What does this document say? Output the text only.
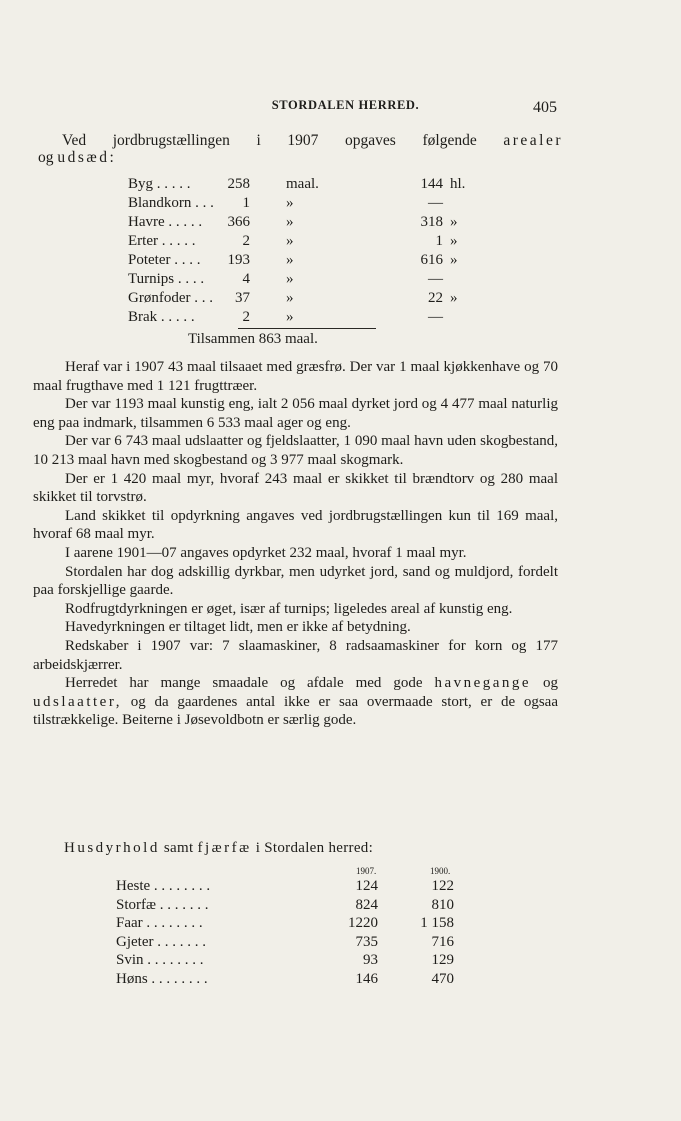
STORDALEN HERRED.	405
Ved jordbrugstællingen i 1907 opgaves følgende arealer
og udsæd:
Byg . . . . . 258 maal.	144 hl.
Blandkorn . . . 1 »	—
Havre . . . . . 366 »	318 »
Erter . . . . .	2 »	1 »
Poteter . . . . 193 »	616 »
Turnips . . . .	4 »	—
Grønfoder . . . 37 »	22 »
Brak . . . . .	2 »	—
Tilsammen 863 maal.

Heraf var i 1907 43 maal tilsaaet med græsfrø. Der var 1 maal kjøkkenhave og 70 maal frugthave med 1 121 frugttræer.

Der var 1193 maal kunstig eng, ialt 2 056 maal dyrket jord og 4 477 maal naturlig eng paa indmark, tilsammen 6 533 maal ager og eng.

Der var 6 743 maal udslaatter og fjeldslaatter, 1 090 maal havn uden skogbestand, 10 213 maal havn med skogbestand og 3 977 maal skogmark.

Der er 1 420 maal myr, hvoraf 243 maal er skikket til brændtorv og 280 maal skikket til torvstrø.

Land skikket til opdyrkning angaves ved jordbrugstællingen kun til 169 maal, hvoraf 68 maal myr.

I aarene 1901—07 angaves opdyrket 232 maal, hvoraf 1 maal myr.

Stordalen har dog adskillig dyrkbar, men udyrket jord, sand og muldjord, fordelt paa forskjellige gaarde.

Rodfrugtdyrkningen er øget, især af turnips; ligeledes areal af kunstig eng.

Havedyrkningen er tiltaget lidt, men er ikke af betydning.

Redskaber i 1907 var: 7 slaamaskiner, 8 radsaamaskiner for korn og 177 arbeidskjærrer.

Herredet har mange smaadale og afdale med gode havnegange og udslaatter, og da gaardenes antal ikke er saa overmaade stort, er de ogsaa tilstrækkelige. Beiterne i Jøsevoldbotn er særlig gode.

Husdyrhold samt fjærfæ i Stordalen herred:
1907.	1900.
Heste . . . . . . . .	124	122
Storfæ . . . . . . .	824	810
Faar . . . . . . . .	1220	1 158
Gjeter . . . . . . .	735	716
Svin . . . . . . . .	93	129
Høns . . . . . . . .	146	470
